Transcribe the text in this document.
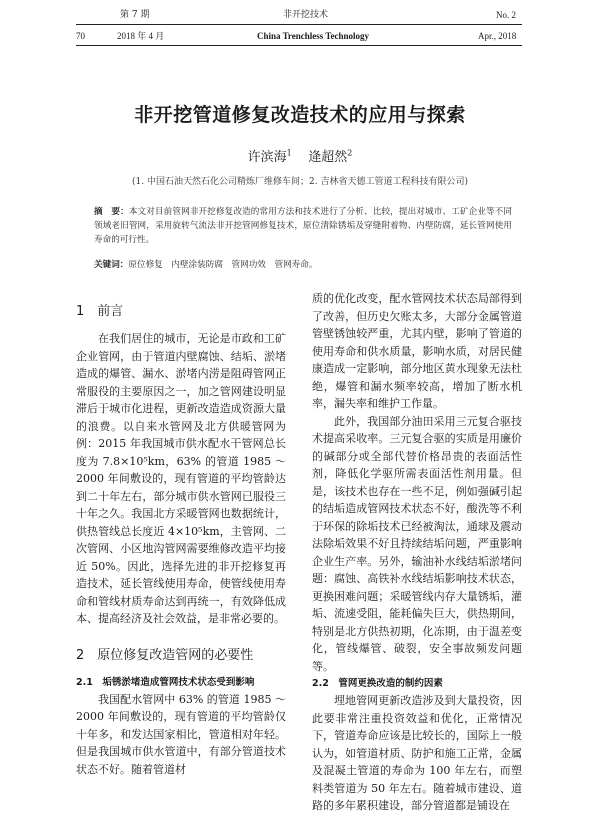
第 7 期	非开挖技术	No. 2
70	2018 年 4 月	China Trenchless Technology	Apr., 2018
非开挖管道修复改造技术的应用与探索
许滨海$^1$ 逄超然$^2$
(1. 中国石油天然石化公司精炼厂维修车间；2. 吉林省天德工管道工程科技有限公司)
摘　要：本文对目前管网非开挖修复改造的常用方法和技术进行了分析、比较，提出对城市、工矿企业等不同领域老旧管网，采用旋转气流法非开挖管网修复技术，原位清除锈垢及穿缝附着物、内壁防腐，延长管网使用寿命的可行性。
关键词：原位修复　内壁涂装防腐　管网功效　管网寿命。
1　前言

在我们居住的城市，无论是市政和工矿企业管网，由于管道内壁腐蚀、结垢、淤堵造成的爆管、漏水、淤堵内涝是阻碍管网正常服役的主要原因之一，加之管网建设明显滞后于城市化进程，更新改造造成资源大量的浪费。以自来水管网及北方供暖管网为例：2015 年我国城市供水配水干管网总长度为 7.8×10⁵km，63% 的管道 1985 ～ 2000 年间敷设的，现有管道的平均管龄达到二十年左右，部分城市供水管网已服役三十年之久。我国北方采暖管网也数据统计，供热管线总长度近 4×10⁵km，主管网、二次管网、小区地沟管网需要维修改造平均接近 50%。因此，选择先进的非开挖修复再造技术，延长管线使用寿命，使管线使用寿命和管线材质寿命达到再统一，有效降低成本、提高经济及社会效益，是非常必要的。

2　原位修复改造管网的必要性
2.1　垢锈淤堵造成管网技术状态受到影响

我国配水管网中 63% 的管道 1985 ～ 2000 年间敷设的，现有管道的平均管龄仅十年多，和发达国家相比，管道相对年轻。但是我国城市供水管道中，有部分管道技术状态不好。随着管道材

质的优化改变，配水管网技术状态局部得到了改善，但历史欠账太多，大部分金属管道管壁锈蚀较严重，尤其内壁，影响了管道的使用寿命和供水质量，影响水质，对居民健康造成一定影响，部分地区黄水现象无法杜绝，爆管和漏水频率较高，增加了断水机率，漏失率和维护工作量。

此外，我国部分油田采用三元复合驱技术提高采收率。三元复合驱的实质是用廉价的碱部分或全部代替价格昂贵的表面活性剂，降低化学驱所需表面活性剂用量。但是，该技术也存在一些不足，例如强碱引起的结垢造成管网技术状态不好，酸洗等不利于环保的除垢技术已经被淘汰，通球及震动法除垢效果不好且持续结垢问题，严重影响企业生产率。另外，输油补水线结垢淤堵问题：腐蚀、高铁补水线结垢影响技术状态，更换困难问题；采暖管线内存大量锈垢，灌垢、流速受阻，能耗偏失巨大，供热期间，特别是北方供热初期，化冻期，由于温差变化，管线爆管、破裂，安全事故频发问题等。

2.2　管网更换改造的制约因素

埋地管网更新改造涉及到大量投资，因此要非常注重投资效益和优化，正常情况下，管道寿命应该是比较长的，国际上一般认为，如管道材质、防护和施工正常，金属及混凝土管道的寿命为 100 年左右，而塑料类管道为 50 年左右。随着城市建设、道路的多年累积建设，部分管道都是铺设在
